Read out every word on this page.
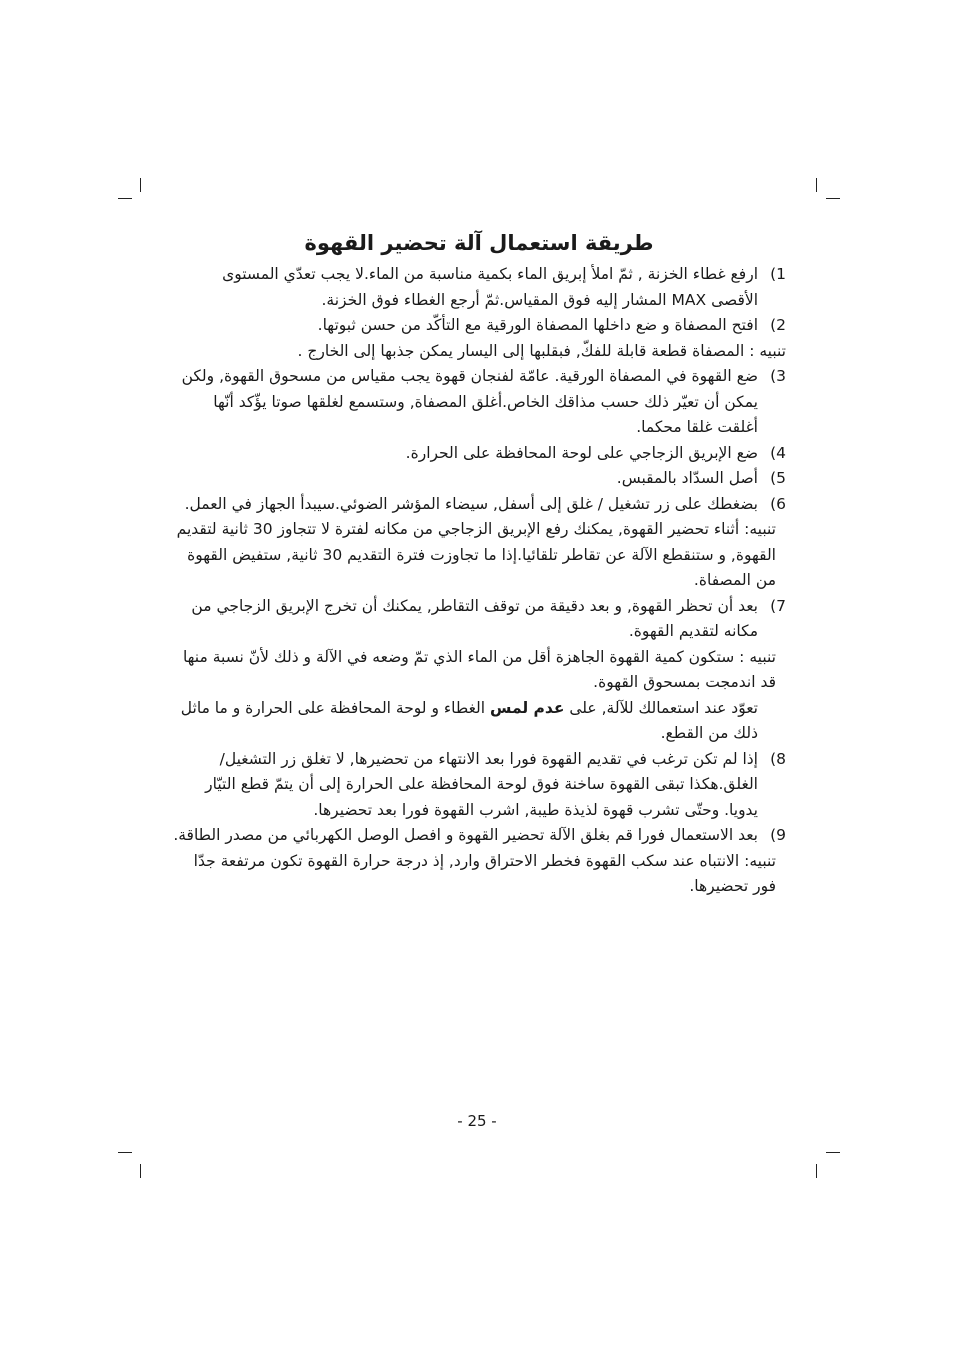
طريقة استعمال آلة تحضير القهوة
1)
ارفع غطاء الخزنة , ثمّ املأ إبريق الماء بكمية مناسبة من الماء.لا يجب تعدّي المستوى الأقصى MAX المشار إليه فوق المقياس.ثمّ أرجع الغطاء فوق الخزنة.
2)
افتح المصفاة و ضع داخلها المصفاة الورقية مع التأكّد من حسن ثبوتها.
تنبيه : المصفاة قطعة قابلة للفكّ, فبقلبها إلى اليسار يمكن جذبها إلى الخارج .
3)
ضع القهوة في المصفاة الورقية. عامّة لفنجان قهوة يجب مقياس من مسحوق القهوة, ولكن يمكن أن تعيّر ذلك حسب مذاقك الخاص.أغلق المصفاة, وستسمع لغلقها صوتا يؤّكد أنّها أغلقت غلقا محكما.
4)
ضع الإبريق الزجاجي على لوحة المحافظة على الحرارة.
5)
أصل السدّاد بالمقبس.
6)
بضغطك على زر تشغيل / غلق إلى أسفل, سيضاء المؤشر الضوئي.سيبدأ الجهاز في العمل.
تنبيه: أثناء تحضير القهوة, يمكنك رفع الإبريق الزجاجي من مكانه لفترة لا تتجاوز 30 ثانية لتقديم القهوة, و ستنقطع الآلة عن تقاطر تلقائيا.إذا ما تجاوزت فترة التقديم 30 ثانية, ستفيض القهوة من المصفاة.
7)
بعد أن تحظر القهوة, و بعد دقيقة من توقف التقاطر, يمكنك أن تخرج الإبريق الزجاجي من مكانه لتقديم القهوة.
تنبيه : ستكون كمية القهوة الجاهزة أقل من الماء الذي تمّ وضعه في الآلة و ذلك لأنّ نسبة منها قد اندمجت بمسحوق القهوة.
تعوّد عند استعمالك للآلة, على عدم لمس الغطاء و لوحة المحافظة على الحرارة و ما ماثل ذلك من القطع.
8)
إذا لم تكن ترغب في تقديم القهوة فورا بعد الانتهاء من تحضيرها, لا تغلق زر التشغيل/ الغلق.هكذا تبقى القهوة ساخنة فوق لوحة المحافظة على الحرارة إلى أن يتمّ قطع التيّار يدويا. وحتّى تشرب قهوة لذيذة طيبة, اشرب القهوة فورا بعد تحضيرها.
9)
بعد الاستعمال فورا قم بغلق الآلة تحضير القهوة و افصل الوصل الكهربائي من مصدر الطاقة.
تنبيه: الانتباه عند سكب القهوة فخطر الاحتراق وارد, إذ درجة حرارة القهوة تكون مرتفعة جدّا فور تحضيرها.
- 25 -
